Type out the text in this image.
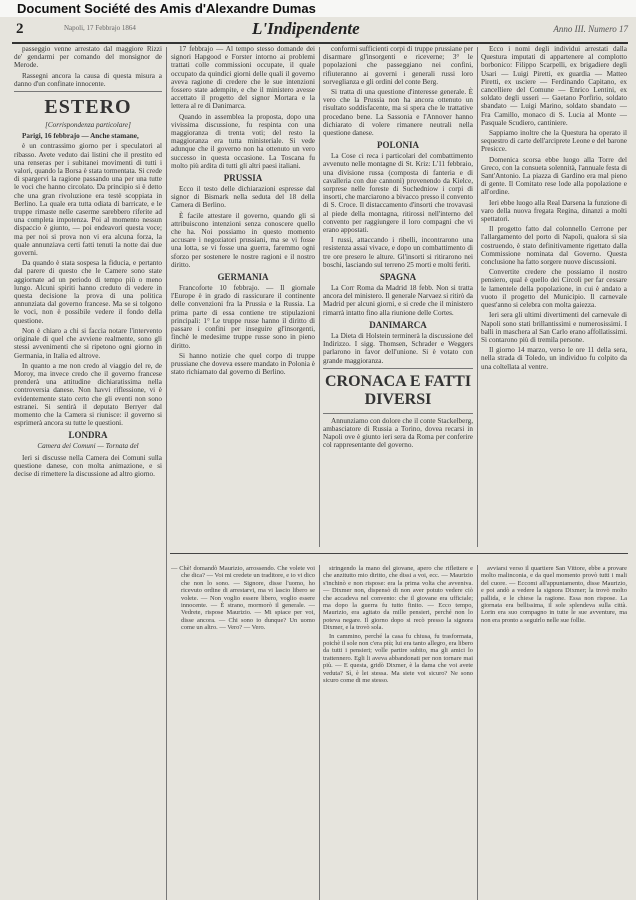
Document Société des Amis d'Alexandre Dumas
2	Napoli, 17 Febbrajo 1864	L'Indipendente	Anno III. Numero 17

passeggio venne arrestato dal maggiore Rizzi de' gendarmi per comando del monsignor de Merode.

Rassegni ancora la causa di questa misura a danno d'un confinate innocente.

ESTERO
[Corrispondenza particolare]

Parigi, 16 febbrajo — Anche stamane,

è un contrassimo giorno per i speculatori al ribasso. Avete veduto dai listini che il prestito ed una renseras per i subitanei movimenti di tutti i valori, quando la Borsa è stata tormentata. Si crede di spargervi la ragione passando una per una tutte le voci che hanno circolato. Da principio si è detto che una gran rivoluzione era testè scoppiata in Berlino. La quale era tutta odiata di barricate, e le truppe rimaste nelle caserme sarebbero riferite ad una completa impotenza. Poi al momento nessun dispaccio è giunto, — poi endeavori questa voce; ma per noi si prova non vi era alcuna forza, la quale annunziava certi fatti tenuti la notte dai due governi.

Da quando è stata sospesa la fiducia, e pertanto dal parere di questo che le Camere sono state aggiornate ad un periodo di tempo più o meno lungo. Alcuni spiriti hanno creduto di vedere in questa decisione la prova di una politica annunziata dal governo francese. Ma se si tolgono le voci, non è possibile vedere il fondo della questione.

Non è chiaro a chi si faccia notare l'intervento originale di quel che avviene realmente, sono gli stessi avvenimenti che si ripetono ogni giorno in Germania, in Italia ed altrove.

In quanto a me non credo al viaggio del re, de Moroy, ma invece credo che il governo francese prenderà una attitudine dichiaratissima nella controversia danese. Non havvi riflessione, vi è evidentemente stato certo che gli eventi non sono estranei. Si sentirà il deputato Berryer dal momento che la Camera si riunisce: il governo si esprimerà ancora su tutte le questioni.

LONDRA
Camera dei Comuni — Tornata del

Ieri si discusse nella Camera dei Comuni sulla questione danese, con molta animazione, e si decise di rimettere la discussione ad altro giorno.

17 febbrajo — Al tempo stesso domande dei signori Hapgood e Forster intorno ai problemi trattati colle commissioni occupate, il quale occupato da quindici giorni delle quali il governo aveva ragione di credere che le sue intenzioni fossero state adempite, e che il ministero avesse accettato il progetto del signor Mortara e la lettera al re di Danimarca.

Quando in assemblea la proposta, dopo una vivissima discussione, fu respinta con una maggioranza di trenta voti; del resto la maggioranza era tutta ministeriale. Si vede adunque che il governo non ha ottenuto un vero successo in questa occasione. La Toscana fu molto più ardita di tutti gli altri paesi italiani.

PRUSSIA

Ecco il testo delle dichiarazioni espresse dal signor di Bismark nella seduta del 18 della Camera di Berlino.

È facile attestare il governo, quando gli si attribuiscono intenzioni senza conoscere quello che ha. Noi possiamo in questo momento accusare i negoziatori prussiani, ma se vi fosse una lotta, se vi fosse una guerra, faremmo ogni sforzo per sostenere le nostre ragioni e il nostro diritto.

GERMANIA

Francoforte 10 febbrajo. — Il giornale l'Europe è in grado di rassicurare il continente delle convenzioni fra la Prussia e la Russia. La prima parte di essa contiene tre stipulazioni principali: 1° Le truppe russe hanno il diritto di passare i confini per inseguire gl'insorgenti, finchè le medesime truppe russe sono in pieno diritto.

Si hanno notizie che quel corpo di truppe prussiane che doveva essere mandato in Polonia è stato richiamato dal governo di Berlino.

conformi sufficienti corpi di truppe prussiane per disarmare gl'insorgenti e riceverne; 3° le popolazioni che passeggiano nei confini, rifiuteranno ai governi i generali russi loro sorveglianza e gli ordini del conte Berg.

Si tratta di una questione d'interesse generale. È vero che la Prussia non ha ancora ottenuto un risultato soddisfacente, ma si spera che le trattative procedano bene. La Sassonia e l'Annover hanno dichiarato di volere rimanere neutrali nella questione danese.

POLONIA

La Cose ci reca i particolari del combattimento avvenuto nelle montagne di St. Kriz: L'11 febbraio, una divisione russa (composta di fanteria e di cavalleria con due cannoni) provenendo da Kielce, sorprese nelle foreste di Suchedniow i corpi di insorti, che marciarono a bivacco presso il convento di S. Croce. Il distaccamento d'insorti che trovavasi al piede della montagna, ritirossi nell'interno del convento per raggiungere il loro compagni che vi erano appostati.

I russi, attaccando i ribelli, incontrarono una resistenza assai vivace, e dopo un combattimento di tre ore presero le alture. Gl'insorti si ritirarono nei boschi, lasciando sul terreno 25 morti e molti feriti.

SPAGNA

La Corr Roma da Madrid 18 febb. Non si tratta ancora del ministero. Il generale Narvaez si ritirò da Madrid per alcuni giorni, e si crede che il ministero rimarrà intatto fino alla riunione delle Cortes.

DANIMARCA

La Dieta di Holstein terminerà la discussione del Indirizzo. I sigg. Thomsen, Schrader e Weggers parlarono in favor dell'unione. Si è votato con grande maggioranza.

CRONACA E FATTI DIVERSI

Annunziamo con dolore che il conte Stackelberg, ambasciatore di Russia a Torino, dovea recarsi in Napoli ove è giunto ieri sera da Roma per conferire col rappresentante del governo.

Ecco i nomi degli individui arrestati dalla Questura imputati di appartenere al complotto borbonico: Filippo Scarpelli, ex brigadiere degli Usari — Luigi Piretti, ex guardia — Matteo Piretti, ex usciere — Ferdinando Capitano, ex cancelliere del Comune — Enrico Lentini, ex soldato degli usseri — Gaetano Porfirio, soldato sbandato — Luigi Marino, soldato sbandato — Fra Camillo, monaco di S. Lucia al Monte — Pasquale Scudiero, cantiniere.

Sappiamo inoltre che la Questura ha operato il sequestro di carte dell'arciprete Leone e del barone Presicce.

Domenica scorsa ebbe luogo alla Torre del Greco, con la consueta solennità, l'annuale festa di Sant'Antonio. La piazza di Gardino era mal pieno di gente. Il Comitato rese lode alla popolazione e all'ordine.

Ieri ebbe luogo alla Real Darsena la funzione di varo della nuova fregata Regina, dinanzi a molti spettatori.

Il progetto fatto dal colonnello Cerrone per l'allargamento del porto di Napoli, qualora si sia costruendo, è stato definitivamente rigettato dalla Commissione nominata dal Governo. Questa conclusione ha fatto sorgere nuove discussioni.

Convertite credere che possiamo il nostro pensiero, qual è quello dei Circoli per far cessare le lamentele della popolazione, in cui è andato a vuoto il progetto del Municipio. Il carnevale quest'anno si celebra con molta gaiezza.

Ieri sera gli ultimi divertimenti del carnevale di Napoli sono stati brillantissimi e numerosissimi. I balli in maschera al San Carlo erano affollatissimi. Si contarono più di tremila persone.

Il giorno 14 marzo, verso le ore 11 della sera, nella strada di Toledo, un individuo fu colpito da una coltellata al ventre.

— Chè! domandò Maurizio, arrossendo. Che volete voi che dica? — Voi mi credete un traditore, e io vi dico che non lo sono. — Signore, disse l'uomo, ho ricevuto ordine di arrestarvi, ma vi lascio libero se volete. — Non voglio essere libero, voglio essere innocente. — È strano, mormorò il generale. — Vedrete, rispose Maurizio. — Mi spiace per voi, disse ancora. — Chi sono io dunque? Un uomo come un altro. — Vero? — Vero.

stringendo la mano del giovane, apero che riflettere e che anzitutto mio diritto, che dissi a voi, ecc. — Maurizio s'inchinò e non rispose: era la prima volta che avveniva. — Dixmer non, dispensò di non aver potuto vedere ciò che accadeva nel convento: che il giovane era ufficiale; ma dopo la guerra fu tutto finito. — Ecco tempo, Maurizio, era agitato da mille pensieri, perché non lo poteva negare. Il giorno dopo si recò presso la signora Dixmer, e la trovò sola.

In cammino, perché la casa fu chiusa, fu trasformata, poichè il sole non c'era più; lui era tanto allegro, era libero da tutti i pensieri; volle partire subito, ma gli amici lo trattennero. Egli li aveva abbandonati per non tornare mai più. — E questa, gridò Dixmer, è la dama che voi avete veduta? Sì, è lei stessa. Ma siete voi sicuro? Ne sono sicuro come di me stesso.

avviarsi verso il quartiere San Vittore, ebbe a provare molto malinconia, e da quel momento provò tutti i mali del cuore. — Eccomi all'appuntamento, disse Maurizio, e poi andò a vedere la signora Dixmer; la trovò molto pallida, e le chiese la ragione. Essa non rispose. La giornata era bellissima, il sole splendeva sulla città. Lorin era suo compagno in tutte le sue avventure, ma non era pronto a seguirlo nelle sue follie.
